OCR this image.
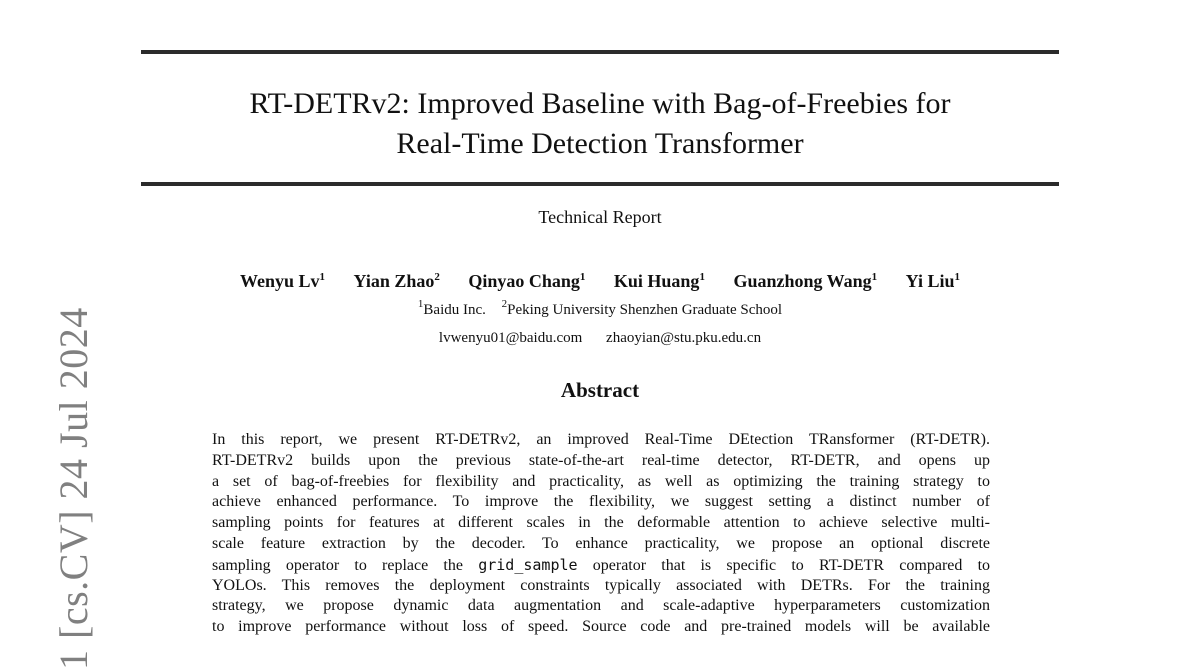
RT-DETRv2: Improved Baseline with Bag-of-Freebies for
Real-Time Detection Transformer
Technical Report
Wenyu Lv$^1$ Yian Zhao$^2$ Qinyao Chang$^1$ Kui Huang$^1$ Guanzhong Wang$^1$ Yi Liu$^1$
$^1$Baidu Inc. $^2$Peking University Shenzhen Graduate School
lvwenyu01@baidu.com zhaoyian@stu.pku.edu.cn
Abstract
In this report, we present RT-DETRv2, an improved Real-Time DEtection TRansformer (RT-DETR).
RT-DETRv2 builds upon the previous state-of-the-art real-time detector, RT-DETR, and opens up
a set of bag-of-freebies for flexibility and practicality, as well as optimizing the training strategy to
achieve enhanced performance. To improve the flexibility, we suggest setting a distinct number of
sampling points for features at different scales in the deformable attention to achieve selective multi-
scale feature extraction by the decoder. To enhance practicality, we propose an optional discrete
sampling operator to replace the grid_sample operator that is specific to RT-DETR compared to
YOLOs. This removes the deployment constraints typically associated with DETRs. For the training
strategy, we propose dynamic data augmentation and scale-adaptive hyperparameters customization
to improve performance without loss of speed. Source code and pre-trained models will be available
1 [cs.CV] 24 Jul 2024
